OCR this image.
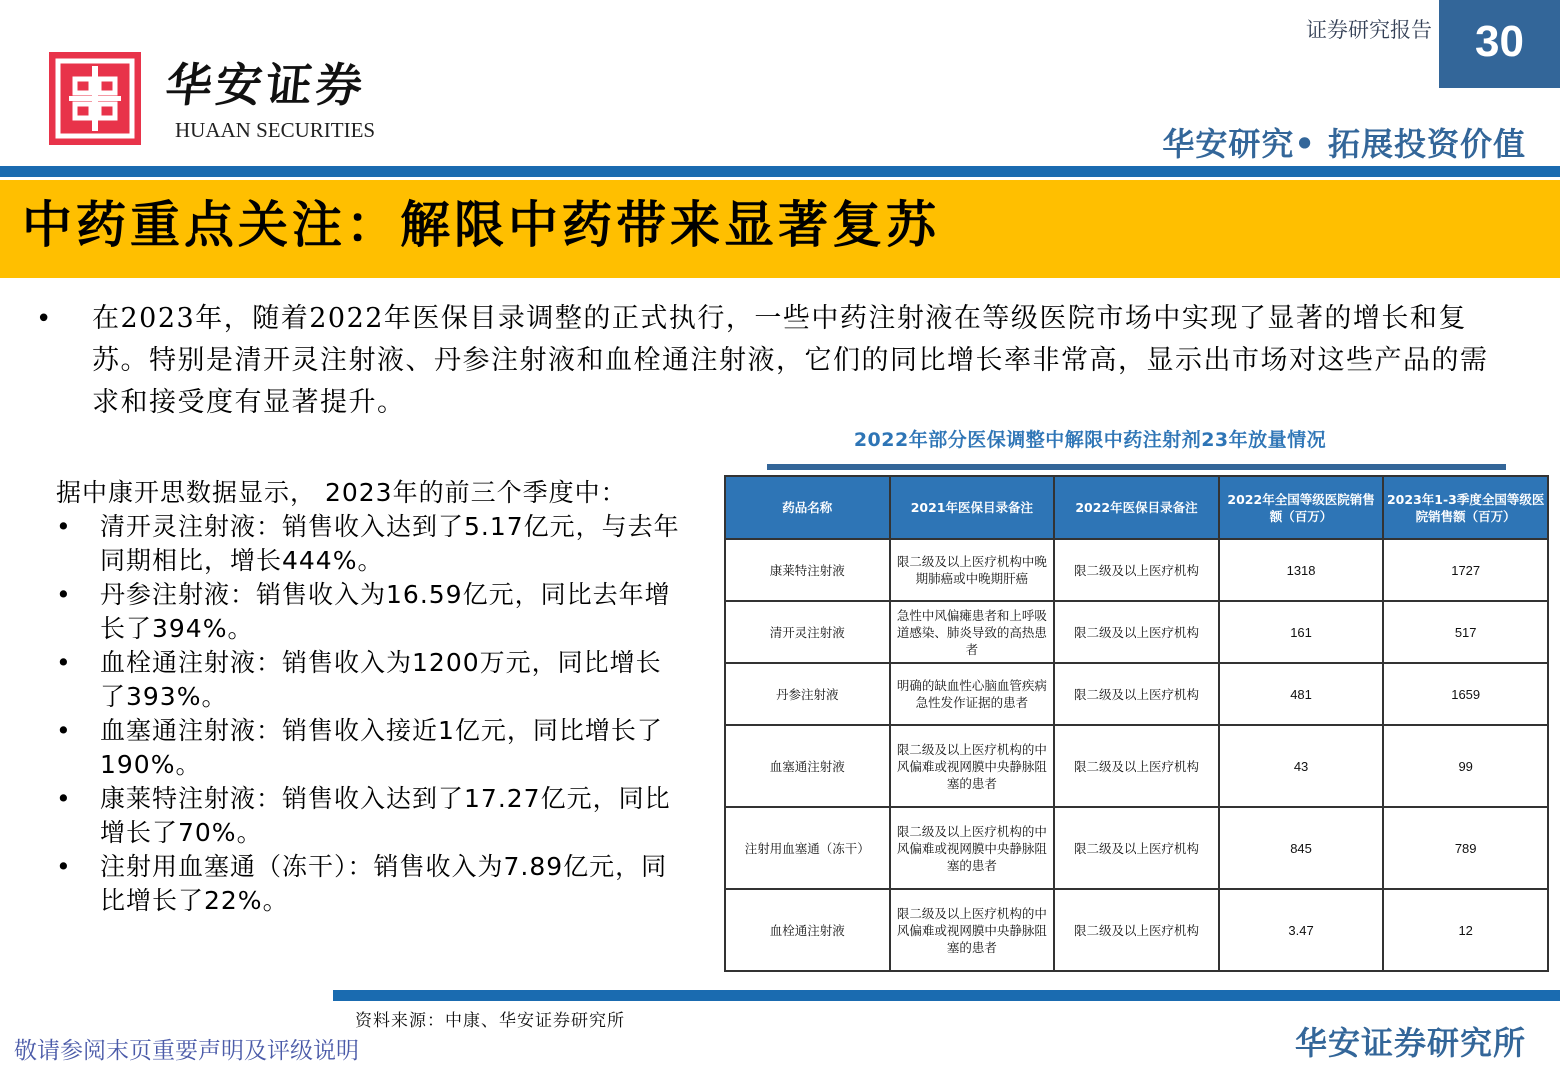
华安证券
HUAAN SECURITIES
证券研究报告 30
华安研究• 拓展投资价值
中药重点关注：解限中药带来显著复苏
•	在2023年，随着2022年医保目录调整的正式执行，一些中药注射液在等级医院市场中实现了显著的增长和复苏。特别是清开灵注射液、丹参注射液和血栓通注射液，它们的同比增长率非常高，显示出市场对这些产品的需求和接受度有显著提升。

据中康开思数据显示， 2023年的前三个季度中：

•	清开灵注射液：销售收入达到了5.17亿元，与去年同期相比，增长444%。
•	丹参注射液：销售收入为16.59亿元，同比去年增长了394%。
•	血栓通注射液：销售收入为1200万元，同比增长了393%。
•	血塞通注射液：销售收入接近1亿元，同比增长了190%。
•	康莱特注射液：销售收入达到了17.27亿元，同比增长了70%。
•	注射用血塞通（冻干）：销售收入为7.89亿元，同比增长了22%。
2022年部分医保调整中解限中药注射剂23年放量情况
药品名称	2021年医保目录备注	2022年医保目录备注	2022年全国等级医院销售额（百万）	2023年1-3季度全国等级医院销售额（百万）
康莱特注射液	限二级及以上医疗机构中晚期肺癌或中晚期肝癌	限二级及以上医疗机构	1318	1727
清开灵注射液	急性中风偏瘫患者和上呼吸道感染、肺炎导致的高热患者	限二级及以上医疗机构	161	517
丹参注射液	明确的缺血性心脑血管疾病急性发作证据的患者	限二级及以上医疗机构	481	1659
血塞通注射液	限二级及以上医疗机构的中风偏难或视网膜中央静脉阻塞的患者	限二级及以上医疗机构	43	99
注射用血塞通（冻干）	限二级及以上医疗机构的中风偏难或视网膜中央静脉阻塞的患者	限二级及以上医疗机构	845	789
血栓通注射液	限二级及以上医疗机构的中风偏难或视网膜中央静脉阻塞的患者	限二级及以上医疗机构	3.47	12
资料来源：中康、华安证券研究所
敬请参阅末页重要声明及评级说明	华安证券研究所
